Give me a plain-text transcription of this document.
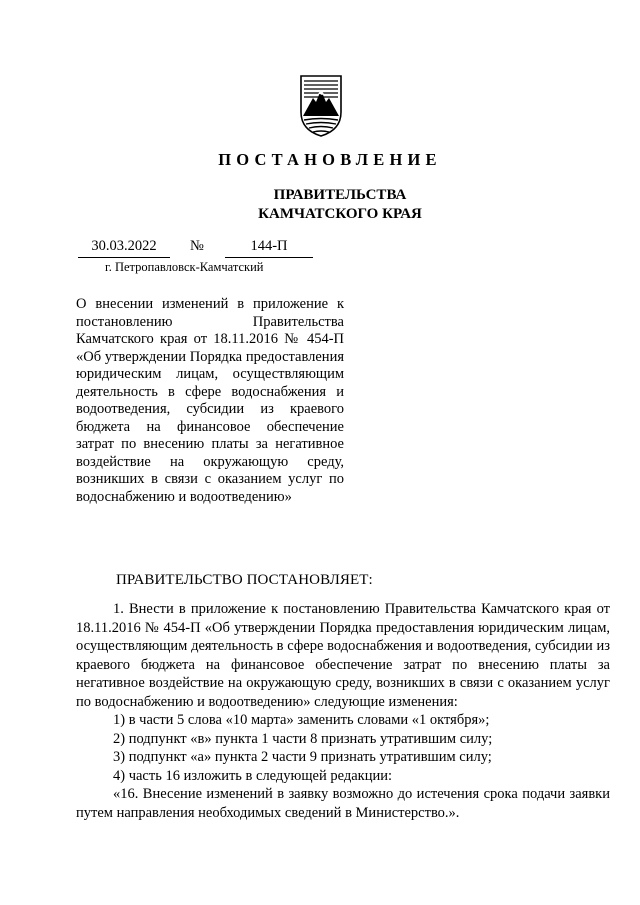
ПОСТАНОВЛЕНИЕ
ПРАВИТЕЛЬСТВА
КАМЧАТСКОГО КРАЯ
30.03.2022	№	144-П
г. Петропавловск-Камчатский
О внесении изменений в приложение к постановлению Правительства Камчатского края от 18.11.2016 № 454-П «Об утверждении Порядка предоставления юридическим лицам, осуществляющим деятельность в сфере водоснабжения и водоотведения, субсидии из краевого бюджета на финансовое обеспечение затрат по внесению платы за негативное воздействие на окружающую среду, возникших в связи с оказанием услуг по водоснабжению и водоотведению»
ПРАВИТЕЛЬСТВО ПОСТАНОВЛЯЕТ:

1. Внести в приложение к постановлению Правительства Камчатского края от 18.11.2016 № 454-П «Об утверждении Порядка предоставления юридическим лицам, осуществляющим деятельность в сфере водоснабжения и водоотведения, субсидии из краевого бюджета на финансовое обеспечение затрат по внесению платы за негативное воздействие на окружающую среду, возникших в связи с оказанием услуг по водоснабжению и водоотведению» следующие изменения:

1) в части 5 слова «10 марта» заменить словами «1 октября»;

2) подпункт «в» пункта 1 части 8 признать утратившим силу;

3) подпункт «а» пункта 2 части 9 признать утратившим силу;

4) часть 16 изложить в следующей редакции:

«16. Внесение изменений в заявку возможно до истечения срока подачи заявки путем направления необходимых сведений в Министерство.».
